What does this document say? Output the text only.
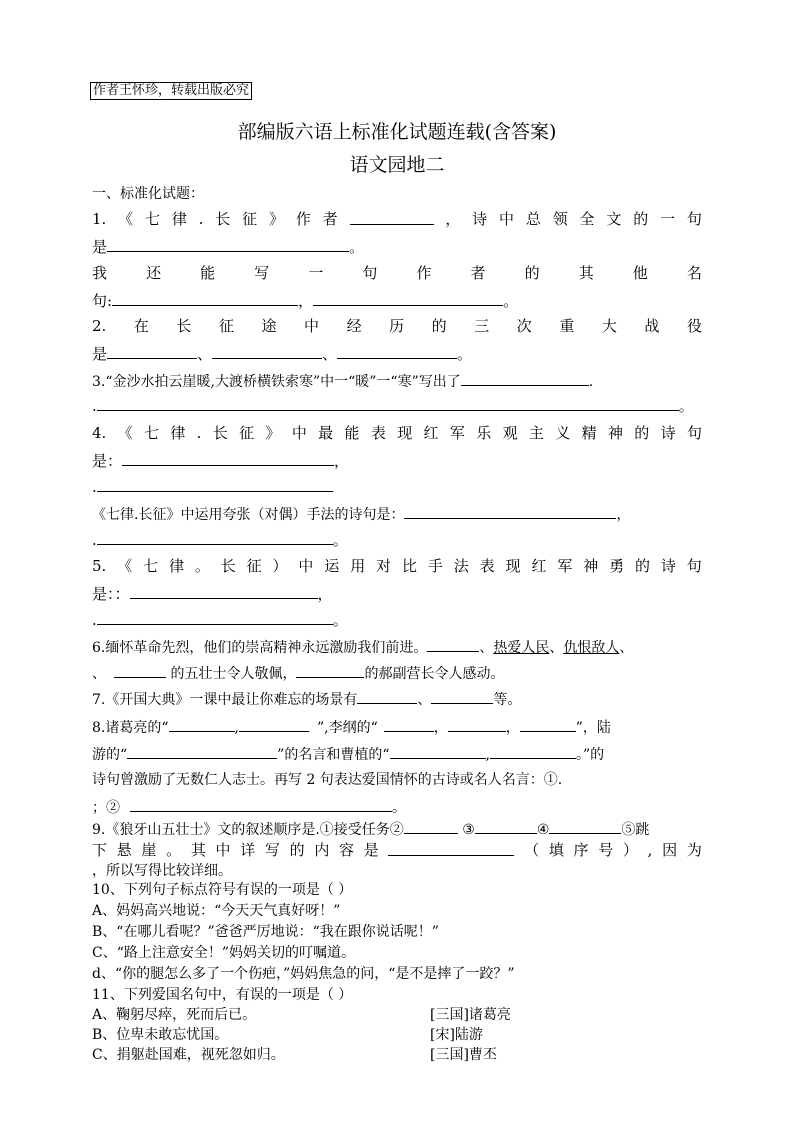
作者王怀珍，转载出版必究
部编版六语上标准化试题连载(含答案)
语文园地二
一、标准化试题：
1. 《 七 律 . 长 征 》 作 者	， 诗 中 总 领 全 文 的 一 句
是	。
我	还	能	写	一	句	作	者	的	其	他	名
句:	，	。
2. 在 长 征 途 中 经 历 的 三 次 重 大 战 役
是	、	、	。
3.“金沙水拍云崖暖,大渡桥横铁索寒”中一“暖”一“寒”写出了	.
.	。
4. 《 七 律 . 长 征 》 中 最 能 表 现 红 军 乐 观 主 义 精 神 的 诗 句
是：	，
.
《七律.长征》中运用夸张（对偶）手法的诗句是：	，
.	。
5. 《 七 律 。 长 征 ） 中 运 用 对 比 手 法 表 现 红 军 神 勇 的 诗 句
是：：	，
.	。
6.缅怀革命先烈，他们的崇高精神永远激励我们前进。	、热爱人民、仇恨敌人、
、	的五壮士令人敬佩，	的郝副营长令人感动。
7.《开国大典》一课中最让你难忘的场景有	、	等。
8.诸葛亮的“	,	”,李纲的“	，	，	”，陆
游的“	”的名言和曹植的“	,	。”的
诗句曾激励了无数仁人志士。再写 2 句表达爱国情怀的古诗或名人名言：①.
；②	。
9.《狼牙山五壮士》文的叙述顺序是.①接受任务②	③	④	⑤跳
下 悬 崖 。 其 中 详 写 的 内 容 是	（ 填 序 号 ） , 因 为
，所以写得比较详细。
10、下列句子标点符号有误的一项是（ ）
A、妈妈高兴地说：“今天天气真好呀！”
B、“在哪儿看呢？”爸爸严厉地说：“我在跟你说话呢！”
C、“路上注意安全！”妈妈关切的叮嘱道。
d、“你的腿怎么多了一个伤疤，”妈妈焦急的问，“是不是摔了一跤？”
11、下列爱国名句中，有误的一项是（ ）
A、鞠躬尽瘁，死而后已。	[三国]诸葛亮
B、位卑未敢忘忧国。	[宋]陆游
C、捐躯赴国难，视死忽如归。	[三国]曹丕
